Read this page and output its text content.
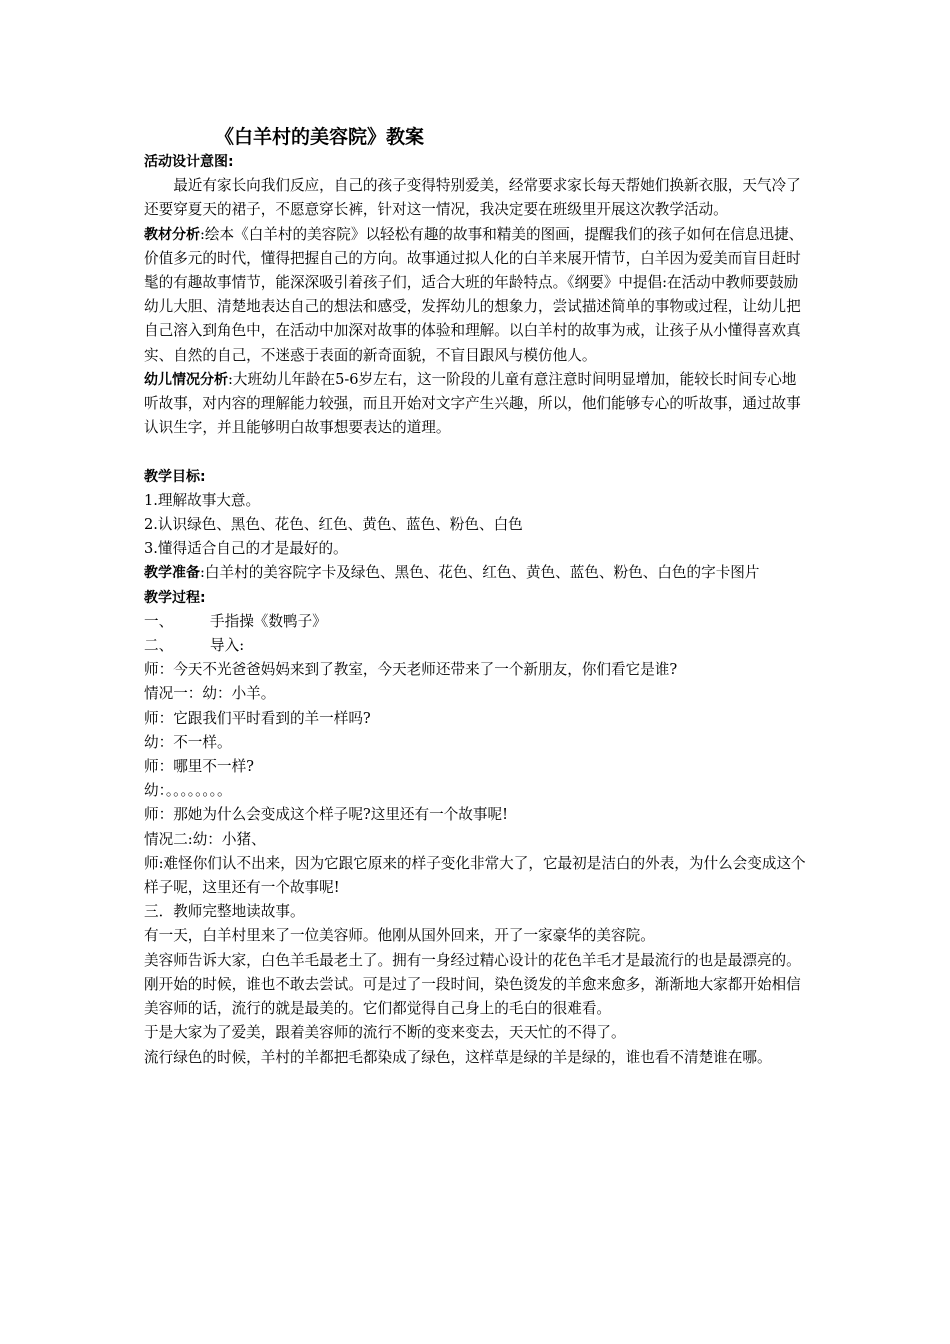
《白羊村的美容院》教案

活动设计意图:

最近有家长向我们反应，自己的孩子变得特别爱美，经常要求家长每天帮她们换新衣服，天气冷了还要穿夏天的裙子，不愿意穿长裤，针对这一情况，我决定要在班级里开展这次教学活动。

教材分析:绘本《白羊村的美容院》以轻松有趣的故事和精美的图画，提醒我们的孩子如何在信息迅捷、价值多元的时代，懂得把握自己的方向。故事通过拟人化的白羊来展开情节，白羊因为爱美而盲目赶时髦的有趣故事情节，能深深吸引着孩子们，适合大班的年龄特点。《纲要》中提倡:在活动中教师要鼓励幼儿大胆、清楚地表达自己的想法和感受，发挥幼儿的想象力，尝试描述简单的事物或过程，让幼儿把自己溶入到角色中，在活动中加深对故事的体验和理解。以白羊村的故事为戒，让孩子从小懂得喜欢真实、自然的自己，不迷惑于表面的新奇面貌，不盲目跟风与模仿他人。

幼儿情况分析:大班幼儿年龄在5-6岁左右，这一阶段的儿童有意注意时间明显增加，能较长时间专心地听故事，对内容的理解能力较强，而且开始对文字产生兴趣，所以，他们能够专心的听故事，通过故事认识生字，并且能够明白故事想要表达的道理。

教学目标:

1.理解故事大意。

2.认识绿色、黑色、花色、红色、黄色、蓝色、粉色、白色

3.懂得适合自己的才是最好的。

教学准备:白羊村的美容院字卡及绿色、黑色、花色、红色、黄色、蓝色、粉色、白色的字卡图片

教学过程:

一、	手指操《数鸭子》

二、	导入:

师：今天不光爸爸妈妈来到了教室，今天老师还带来了一个新朋友，你们看它是谁?

情况一：幼：小羊。

师：它跟我们平时看到的羊一样吗?

幼：不一样。

师：哪里不一样?

幼：。。。。。。。。

师：那她为什么会变成这个样子呢?这里还有一个故事呢!

情况二:幼：小猪、

师:难怪你们认不出来，因为它跟它原来的样子变化非常大了，它最初是洁白的外表，为什么会变成这个样子呢，这里还有一个故事呢!

三．教师完整地读故事。

有一天，白羊村里来了一位美容师。他刚从国外回来，开了一家豪华的美容院。

美容师告诉大家，白色羊毛最老土了。拥有一身经过精心设计的花色羊毛才是最流行的也是最漂亮的。

刚开始的时候，谁也不敢去尝试。可是过了一段时间，染色烫发的羊愈来愈多，渐渐地大家都开始相信美容师的话，流行的就是最美的。它们都觉得自己身上的毛白的很难看。

于是大家为了爱美，跟着美容师的流行不断的变来变去，天天忙的不得了。

流行绿色的时候，羊村的羊都把毛都染成了绿色，这样草是绿的羊是绿的，谁也看不清楚谁在哪。
